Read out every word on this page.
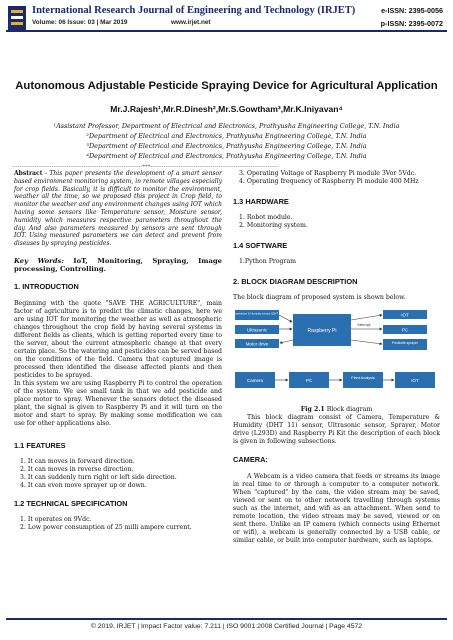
International Research Journal of Engineering and Technology (IRJET)
Volume: 06 Issue: 03 | Mar 2019	www.irjet.net
e-ISSN: 2395-0056
p-ISSN: 2395-0072
Autonomous Adjustable Pesticide Spraying Device for Agricultural Application
Mr.J.Rajesh¹,Mr.R.Dinesh²,Mr.S.Gowtham³,Mr.K.Iniyavan⁴
¹Assistant Professor, Department of Electrical and Electronics, Prathyusha Engineering College, T.N. India
²Department of Electrical and Electronics, Prathyusha Engineering College, T.N. India
³Department of Electrical and Electronics, Prathyusha Engineering College, T.N. India
⁴Department of Electrical and Electronics, Prathyusha Engineering College, T.N. India
---------------------------------------------------------------------***--------------------------------------------------------------------

Abstract - This paper presents the development of a smart sensor based environment monitoring system, in remote villages especially for crop fields. Basically, it is difficult to monitor the environment, weather all the time, so we proposed this project in Crop field, to monitor the weather and any environment changes using IOT which having some sensors like Temperature sensor, Moisture sensor, humidity which measures respective parameters throughout the day. And also parameters measured by sensors are sent through IOT. Using measured parameters we can detect and prevent from diseases by spraying pesticides.

Key Words: IoT, Monitoring, Spraying, Image processing, Controlling.

1. INTRODUCTION

Beginning with the quote "SAVE THE AGRICULTURE", main factor of agriculture is to predict the climatic changes, here we are using IOT for monitoring the weather as well as atmospheric changes throughout the crop field by having several systems in different fields as clients, which is getting reported every time to the server, about the current atmospheric change at that every certain place. So the watering and pesticides can be served based on the conditions of the field. Camera that captured image is processed then identified the disease affected plants and then pesticides to be sprayed.

In this system we are using Raspberry Pi to control the operation of the system. We use small tank in that we add pesticide and place motor to spray. Whenever the sensors detect the diseased plant, the signal is given to Raspberry Pi and it will turn on the motor and start to spray. By making some modification we can use for other applications also.

1.1 FEATURES
1. It can moves in forward direction.
2. It can moves in reverse direction.
3. It can suddenly turn right or left side direction.
4. It can even move sprayer up or down.
1.2 TECHNICAL SPECIFICATION
1. It operates on 9Vdc.
2. Low power consumption of 25 milli ampere current.
3. Operating Voltage of Raspberry Pi module 3Vor 5Vdc.
4. Operating frequency of Raspberry Pi module 400 MHz
1.3 HARDWARE
1. Robot module.
2. Monitoring system.
1.4 SOFTWARE
1.Python Program
2. BLOCK DIAGRAM DESCRIPTION

The block diagram of proposed system is shown below.

Temperature & Humidity sensor (DHT 11)
Ultrasonic
Motor drive
Raspberry Pi
IOT
PC
Pesticide sprayer
Interrupt
Camera	PC	Plant Analysis	IOT
Fig 2.1 Block diagram

This block diagram consist of Camera, Temperature & Humidity (DHT 11) sensor, Ultrasonic sensor, Sprayer, Motor drive (L293D) and Raspberry Pi Kit the description of each block is given in following subsections.

CAMERA:

A Webcam is a video camera that feeds or streams its image in real time to or through a computer to a computer network. When "captured" by the cam, the video stream may be saved, viewed or sent on to other network travelling through systems such as the internet, and wifi as an attachment. When send to remote location, the video stream may be saved, viewed or on sent there. Unlike an IP camera (which connects using Ethernet or wifi), a webcam is generally connected by a USB cable, or similar cable, or built into computer hardware, such as laptops.

© 2019, IRJET | Impact Factor value: 7.211 | ISO 9001:2008 Certified Journal | Page 4572
